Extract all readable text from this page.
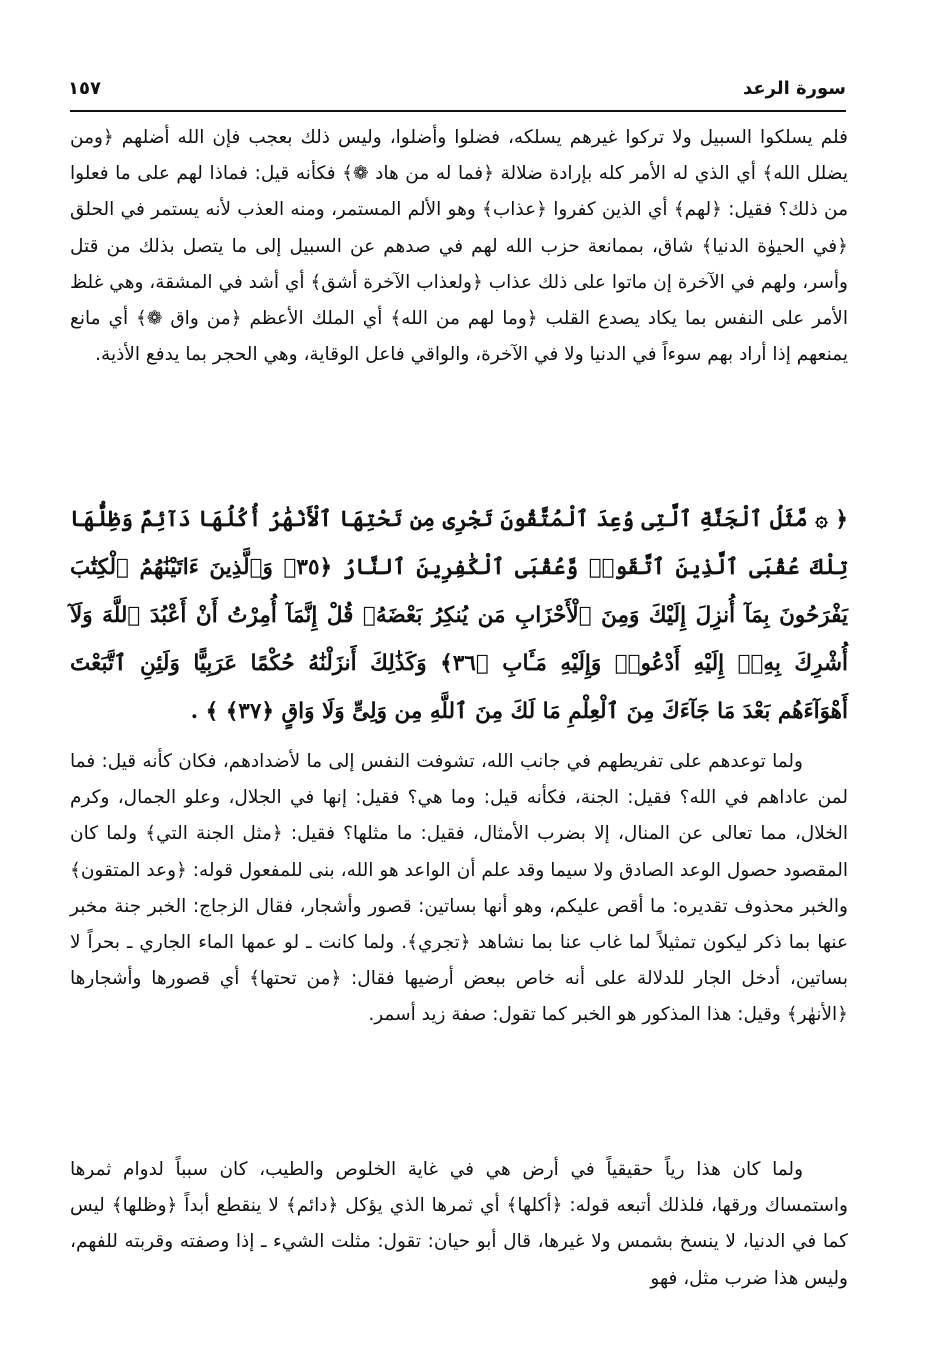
سورة الرعد
١٥٧

فلم يسلكوا السبيل ولا تركوا غيرهم يسلكه، فضلوا وأضلوا، وليس ذلك بعجب فإن الله أضلهم ﴿ومن يضلل الله﴾ أي الذي له الأمر كله بإرادة ضلالة ﴿فما له من هاد ❁﴾ فكأنه قيل: فماذا لهم على ما فعلوا من ذلك؟ فقيل: ﴿لهم﴾ أي الذين كفروا ﴿عذاب﴾ وهو الألم المستمر، ومنه العذب لأنه يستمر في الحلق ﴿في الحيوٰة الدنيا﴾ شاق، بممانعة حزب الله لهم في صدهم عن السبيل إلى ما يتصل بذلك من قتل وأسر، ولهم في الآخرة إن ماتوا على ذلك عذاب ﴿ولعذاب الآخرة أشق﴾ أي أشد في المشقة، وهي غلظ الأمر على النفس بما يكاد يصدع القلب ﴿وما لهم من الله﴾ أي الملك الأعظم ﴿من واق ❁﴾ أي مانع يمنعهم إذا أراد بهم سوءاً في الدنيا ولا في الآخرة، والواقي فاعل الوقاية، وهي الحجر بما يدفع الأذية.

﴿ ۞ مَّثَلُ ٱلْجَنَّةِ ٱلَّتِى وُعِدَ ٱلْمُتَّقُونَ تَجْرِى مِن تَحْتِهَا ٱلْأَنْهَٰرُ أُكُلُهَا دَآئِمٌ وَظِلُّهَا تِلْكَ عُقْبَى ٱلَّذِينَ ٱتَّقَوا۟ وَّعُقْبَى ٱلْكَٰفِرِينَ ٱلنَّارُ ﴿٣٥﴾ وَٱلَّذِينَ ءَاتَيْنَٰهُمُ ٱلْكِتَٰبَ يَفْرَحُونَ بِمَآ أُنزِلَ إِلَيْكَ وَمِنَ ٱلْأَحْزَابِ مَن يُنكِرُ بَعْضَهُۥ قُلْ إِنَّمَآ أُمِرْتُ أَنْ أَعْبُدَ ٱللَّهَ وَلَآ أُشْرِكَ بِهِۦٓ إِلَيْهِ أَدْعُوا۟ وَإِلَيْهِ مَـَٔابِ ﴿٣٦﴾ وَكَذَٰلِكَ أَنزَلْنَٰهُ حُكْمًا عَرَبِيًّا وَلَئِنِ ٱتَّبَعْتَ أَهْوَآءَهُم بَعْدَ مَا جَآءَكَ مِنَ ٱلْعِلْمِ مَا لَكَ مِنَ ٱللَّهِ مِن وَلِىٍّ وَلَا وَاقٍ ﴿٣٧﴾ ﴾ .

ولما توعدهم على تفريطهم في جانب الله، تشوفت النفس إلى ما لأضدادهم، فكان كأنه قيل: فما لمن عاداهم في الله؟ فقيل: الجنة، فكأنه قيل: وما هي؟ فقيل: إنها في الجلال، وعلو الجمال، وكرم الخلال، مما تعالى عن المنال، إلا بضرب الأمثال، فقيل: ما مثلها؟ فقيل: ﴿مثل الجنة التي﴾ ولما كان المقصود حصول الوعد الصادق ولا سيما وقد علم أن الواعد هو الله، بنى للمفعول قوله: ﴿وعد المتقون﴾ والخبر محذوف تقديره: ما أقص عليكم، وهو أنها بساتين: قصور وأشجار، فقال الزجاج: الخبر جنة مخبر عنها بما ذكر ليكون تمثيلاً لما غاب عنا بما نشاهد ﴿تجري﴾. ولما كانت ـ لو عمها الماء الجاري ـ بحراً لا بساتين، أدخل الجار للدلالة على أنه خاص ببعض أرضيها فقال: ﴿من تحتها﴾ أي قصورها وأشجارها ﴿الأنهٰر﴾ وقيل: هذا المذكور هو الخبر كما تقول: صفة زيد أسمر.

ولما كان هذا رياً حقيقياً في أرض هي في غاية الخلوص والطيب، كان سبباً لدوام ثمرها واستمساك ورقها، فلذلك أتبعه قوله: ﴿أكلها﴾ أي ثمرها الذي يؤكل ﴿دائم﴾ لا ينقطع أبداً ﴿وظلها﴾ ليس كما في الدنيا، لا ينسخ بشمس ولا غيرها، قال أبو حيان: تقول: مثلت الشيء ـ إذا وصفته وقربته للفهم، وليس هذا ضرب مثل، فهو
